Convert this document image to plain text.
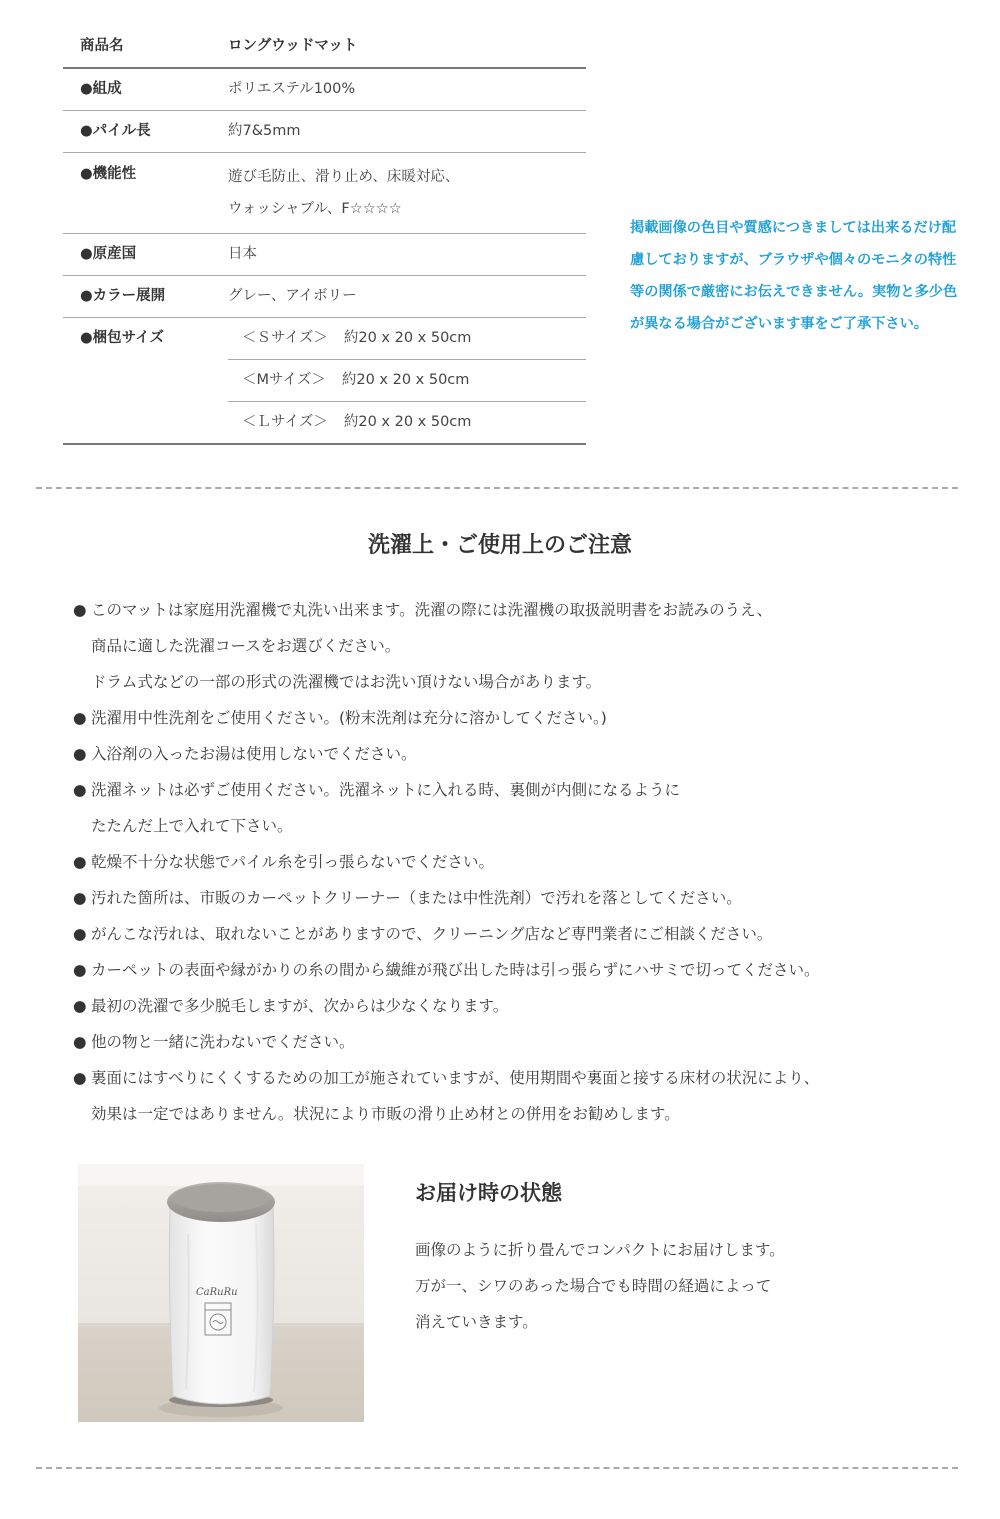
商品名	ロングウッドマット
●組成	ポリエステル100%
●パイル長	約7&5mm
●機能性	遊び毛防止、滑り止め、床暖対応、
ウォッシャブル、F☆☆☆☆
●原産国	日本
●カラー展開	グレー、アイボリー
●梱包サイズ	＜Ｓサイズ＞ 約20 x 20 x 50cm
＜Mサイズ＞ 約20 x 20 x 50cm
＜Ｌサイズ＞ 約20 x 20 x 50cm
掲載画像の色目や質感につきましては出来るだけ配慮しておりますが、ブラウザや個々のモニタの特性等の関係で厳密にお伝えできません。実物と多少色が異なる場合がございます事をご了承下さい。
洗濯上・ご使用上のご注意
● このマットは家庭用洗濯機で丸洗い出来ます。洗濯の際には洗濯機の取扱説明書をお読みのうえ、
商品に適した洗濯コースをお選びください。
ドラム式などの一部の形式の洗濯機ではお洗い頂けない場合があります。
● 洗濯用中性洗剤をご使用ください。(粉末洗剤は充分に溶かしてください。)
● 入浴剤の入ったお湯は使用しないでください。
● 洗濯ネットは必ずご使用ください。洗濯ネットに入れる時、裏側が内側になるように
たたんだ上で入れて下さい。
● 乾燥不十分な状態でパイル糸を引っ張らないでください。
● 汚れた箇所は、市販のカーペットクリーナー（または中性洗剤）で汚れを落としてください。
● がんこな汚れは、取れないことがありますので、クリーニング店など専門業者にご相談ください。
● カーペットの表面や縁がかりの糸の間から繊維が飛び出した時は引っ張らずにハサミで切ってください。
● 最初の洗濯で多少脱毛しますが、次からは少なくなります。
● 他の物と一緒に洗わないでください。
● 裏面にはすべりにくくするための加工が施されていますが、使用期間や裏面と接する床材の状況により、
効果は一定ではありません。状況により市販の滑り止め材との併用をお勧めします。
CaRuRu
お届け時の状態
画像のように折り畳んでコンパクトにお届けします。
万が一、シワのあった場合でも時間の経過によって
消えていきます。
